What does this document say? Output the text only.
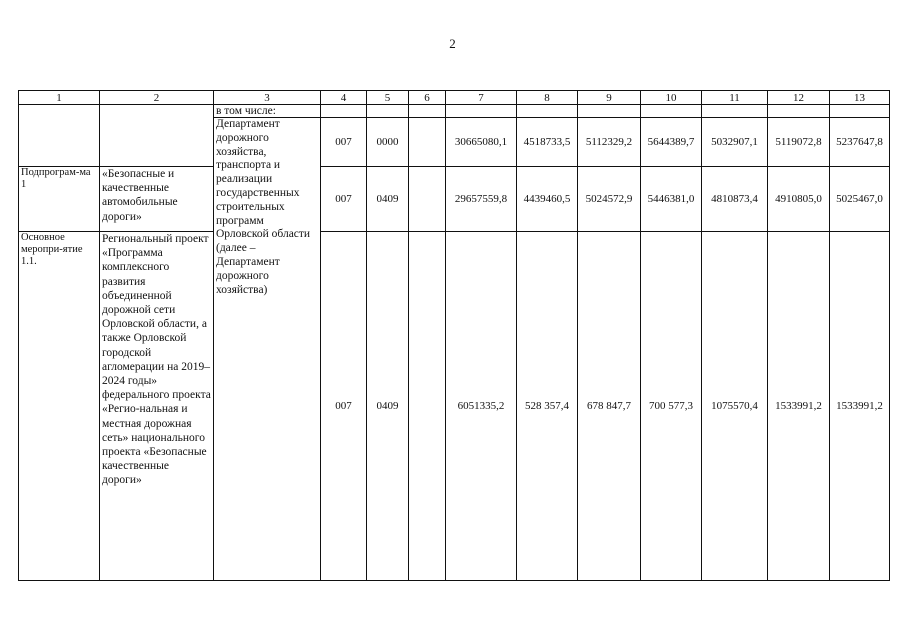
2
1	2	3	4	5	6	7	8	9	10	11	12	13
		в том числе:										
		Департамент дорожного хозяйства, транспорта и реализации государственных строительных программ Орловской области (далее – Департамент дорожного хозяйства)	007	0000		30665080,1	4518733,5	5112329,2	5644389,7	5032907,1	5119072,8	5237647,8
Подпрограм-ма 1	«Безопасные и качественные автомобильные дороги»		007	0409		29657559,8	4439460,5	5024572,9	5446381,0	4810873,4	4910805,0	5025467,0
Основное меропри-ятие 1.1.	Региональный проект «Программа комплексного развития объединенной дорожной сети Орловской области, а также Орловской городской агломерации на 2019–2024 годы» федерального проекта «Регио-нальная и местная дорожная сеть» национального проекта «Безопасные качественные дороги»		007	0409		6051335,2	528 357,4	678 847,7	700 577,3	1075570,4	1533991,2	1533991,2
